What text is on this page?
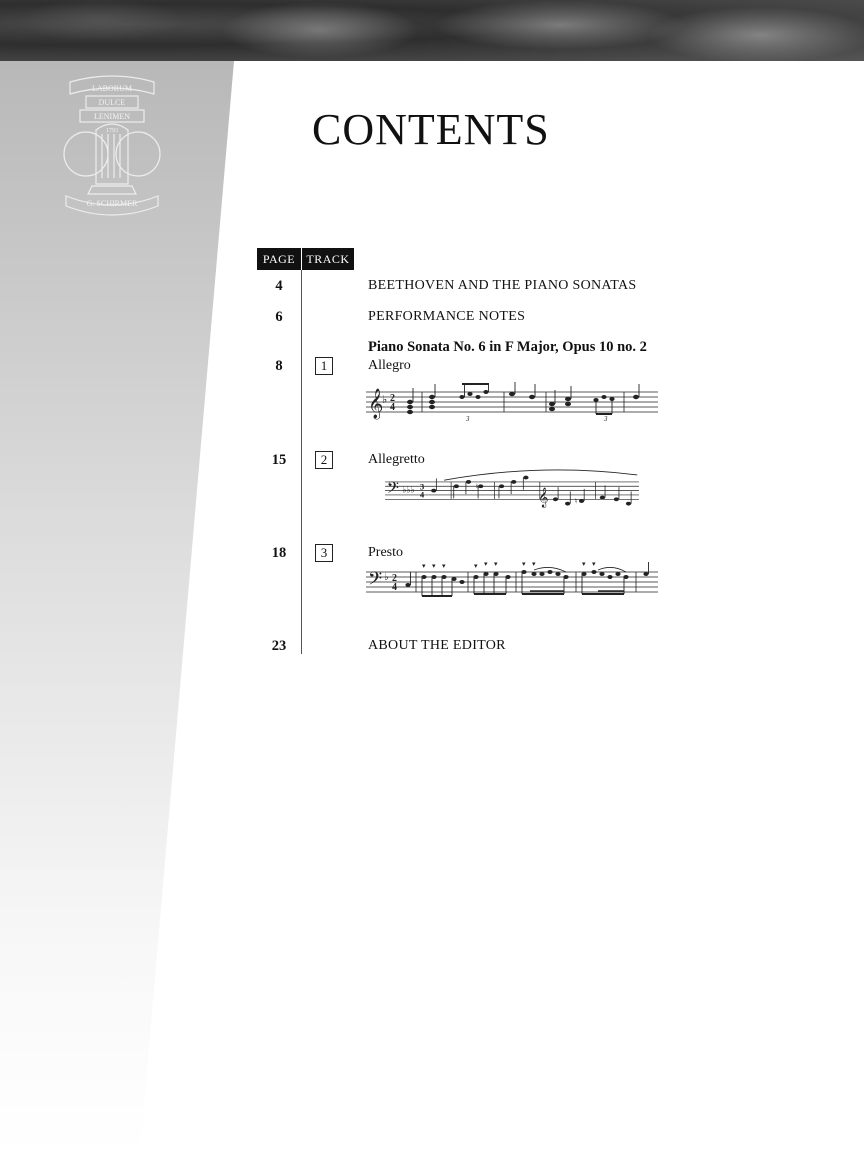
LABORUM
DULCE
LENIMEN
1793
G. SCHIRMER
CONTENTS
PAGE TRACK
4	BEETHOVEN AND THE PIANO SONATAS
6	PERFORMANCE NOTES
Piano Sonata No. 6 in F Major, Opus 10 no. 2
8	1	Allegro
𝄞
♭ 2
4
3	3
15	2	Allegretto
𝄢 ♭♭♭ 3
4
♮
♮
𝄞
18	3	Presto
𝄢 ♭ 2
4
▾ ▾ ▾	▾ ▾ ▾	▾ ▾	▾ ▾
23	ABOUT THE EDITOR
